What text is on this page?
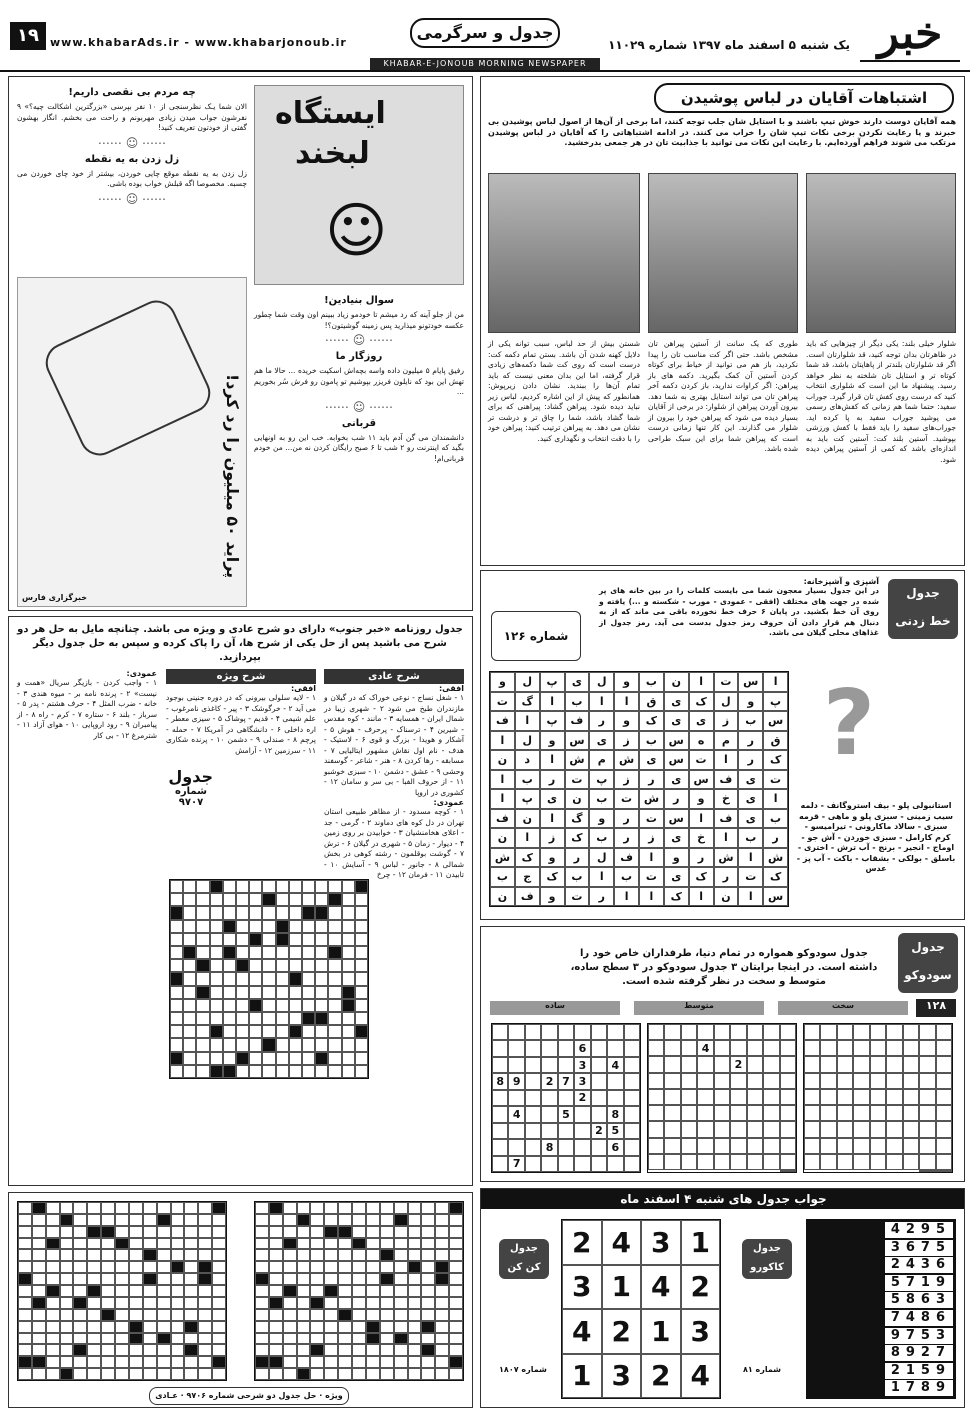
خبر
یک شنبه ۵ اسفند ماه ۱۳۹۷ شماره ۱۱۰۲۹
جدول و سرگرمی
www.khabarAds.ir - www.khabarjonoub.ir
۱۹
KHABAR-E-JONOUB MORNING NEWSPAPER
اشتباهات آقایان در لباس پوشیدن

همه آقایان دوست دارند خوش تیپ باشند و با استایل شان جلب توجه کنند، اما برخی از آن‌ها از اصول لباس پوشیدن بی خبرند و یا رعایت نکردن برخی نکات تیپ شان را خراب می کنند. در ادامه اشتباهاتی را که آقایان در لباس پوشیدن مرتکب می شوند فراهم آورده‌ایم. با رعایت این نکات می توانید با جذابیت تان در هر جمعی بدرخشید.

شلوار خیلی بلند: یکی دیگر از چیزهایی که باید در ظاهرتان بدان توجه کنید، قد شلوارتان است. اگر قد شلوارتان بلندتر از پاهایتان باشد، قد شما کوتاه تر و استایل تان شلخته به نظر خواهد رسید. پیشنهاد ما این است که شلواری انتخاب کنید که درست روی کفش تان قرار گیرد. جوراب سفید: حتما شما هم زمانی که کفش‌های رسمی می پوشید جوراب سفید به پا کرده اید. جوراب‌های سفید را باید فقط با کفش ورزشی بپوشید. آستین بلند کت: آستین کت باید به اندازه‌ای باشد که کمی از آستین پیراهن دیده شود.

طوری که یک سانت از آستین پیراهن تان مشخص باشد. حتی اگر کت مناسب تان را پیدا نکردید، باز هم می توانید از خیاط برای کوتاه کردن آستین آن کمک بگیرید. دکمه های باز پیراهن: اگر کراوات ندارید، باز کردن دکمه آخر پیراهن تان می تواند استایل بهتری به شما دهد. بیرون آوردن پیراهن از شلوار: در برخی از آقایان بسیار دیده می شود که پیراهن خود را بیرون از شلوار می گذارند. این کار تنها زمانی درست است که پیراهن شما برای این سبک طراحی شده باشد.

شستن بیش از حد لباس، سبب توانه یکی از دلایل کهنه شدن آن باشد. بستن تمام دکمه کت: درست است که روی کت شما دکمه‌های زیادی قرار گرفته، اما این بدان معنی نیست که باید تمام آن‌ها را ببندید. نشان دادن زیرپوش: همانطور که پیش از این اشاره کردیم، لباس زیر نباید دیده شود. پیراهن گشاد: پیراهنی که برای شما گشاد باشد، شما را چاق تر و درشت تر نشان می دهد. به پیراهن ترتیب کنید: پیراهن خود را با دقت انتخاب و نگهداری کنید.

چه مردم بی نقصی داریم!

الان شما یـک نظرسنجی از ۱۰ نفر بپرسی «بزرگترین اشکالت چیه؟» ۹ نفرشون جواب میدن زیادی مهربونم و راحت می بخشم. انگار بهشون گفتی از خودتون تعریف کنید!

⋯⋯ ☺ ⋯⋯
زل زدن به یه نقطه

زل زدن به یه نقطه موقع چایی خوردن، بیشتر از خود چای خوردن می چسبه. مخصوصا اگه قبلش خواب بوده باشی.

⋯⋯ ☺ ⋯⋯
ایستگاه
لبخند
☺
سوال بنیادین!

من از جلو آینه که رد میشم تا خودمو زیاد ببینم اون وقت شما چطور عکسه خودتونو میذارید پس زمینه گوشیتون؟!

⋯⋯ ☺ ⋯⋯
روزگار ما

رفیق پایام ۵ میلیون داده واسه بچه‌اش اسکیت خریده ... حالا ما هم تهش این بود که نایلون فریزر بپوشیم تو پامون رو فرش سُر بخوریم ...

⋯⋯ ☺ ⋯⋯
قربانی

دانشمندان می گن آدم باید ۱۱ شب بخوابه. خب این رو به اونهایی بگید که اینترنت رو ۲ شب تا ۶ صبح رایگان کردن نه من... من خودم قربانی‌ام!

پراید ۵۰ میلیون را رد کرد!
خبرگزاری فارس	جدول
خط زدنی
شماره ۱۲۶
آشپزی و آشپزخانه:

در این جدول بسیار معجون شما می بایست کلمات را در بین خانه های پر شده در جهت های مختلف (افقی - عمودی - مورب - شکسته و ...) یافته و روی آن خط بکشید. در پایان ۶ حرف خط نخورده باقی می ماند که از به دنبال هم قرار دادن آن حروف رمز جدول بدست می آید. رمز جدول از غذاهای محلی گیلان می باشد.

ا
س
ت
ا
ن
ب
و
ل
ی
پ
ل
و
پ
و
ل
ک
ی
ق
ا
ا
ب
ا
گ
ت
س
ب
ز
ی
ی
ک
و
ر
ف
پ
ا
ف
ق
ر
م
ه
س
ب
ز
ی
س
و
ل
ا
ک
ر
ا
ت
س
ی
ش
م
ش
ا
د
ن
ت
ی
ف
س
ی
ر
ز
پ
ت
ر
ب
ا
ا
ی
خ
و
ر
ش
ت
ب
ن
ی
پ
ا
ب
ی
ف
ا
س
ت
ر
و
گ
ا
ن
ف
ر
ب
ا
خ
ی
ز
ر
ب
ک
ز
ا
ن
ش
ا
ش
ر
و
ا
ف
ل
ر
و
ک
ش
ک
ت
ر
ک
ی
ت
ب
ا
ب
ک
ج
ب
س
ا
ن
ا
ک
ا
ا
ر
ت
و
ف
ن
?

استانبولی پلو - بیف استروگانف - دلمه سیب زمینی - سبزی پلو و ماهی - قرمه سبزی - سالاد ماکارونی - تیرامیسو - کرم کارامل - سبزی خوردن - آش جو - اوماج - انجیر - برنج - آب ترش - اختری - باسلق - بولکی - بشقاب - باکت - آب پز - عدس

جدول روزنامه «خبر جنوب» دارای دو شرح عادی و ویژه می باشد. چنانچه مایل به حل هر دو شرح می باشید پس از حل یکی از شرح ها، آن را پاک کرده و سپس به حل جدول دیگر بپردازید.

شرح عادی
افقی:

۱ - شغل نساج - نوعی خوراک که در گیلان و مازندران طبخ می شود ۲ - شهری زیبا در شمال ایران - همسایه ۳ - مانند - کوه مقدس - شیرین ۴ - ترسناک - پرحرف - هوش ۵ - آشکار و هویدا - بزرگ و قوی ۶ - لاستیک - هدف - نام اول نقاش مشهور ایتالیایی ۷ - مسابقه - رها کردن ۸ - هنر - شاعر - گوسفند وحشی ۹ - عشق - دشمن ۱۰ - سبزی خوشبو ۱۱ - از حروف الفبا - بی سر و سامان ۱۲ - کشوری در اروپا

عمودی:

۱ - کوچه مسدود - از مظاهر طبیعی استان تهران در دل کوه های دماوند ۲ - گرمی - جد - اعلای هخامنشیان ۳ - خوابیدن بر روی زمین ۴ - دیوار - زمان ۵ - شهری در گیلان ۶ - ترش ۷ - گوشت بوقلمون - رشته کوهی در بخش شمالی ۸ - جانور - لباس ۹ - آسایش ۱۰ - تابیدن ۱۱ - فرمان ۱۲ - چرخ

شرح ویژه
افقی:

۱ - لایه سلولی بیرونی که در دوره جنینی بوجود می آید ۲ - خرگوشک ۳ - پیر - کاغذی نامرغوب - علم شیمی ۴ - قدیم - پوشاک ۵ - سیزی معطر - اره داخلی ۶ - دانشگاهی در آمریکا ۷ - حمله - پرچم ۸ - صندلی ۹ - دشمن ۱۰ - پرنده شکاری ۱۱ - سرزمین ۱۲ - آرامش

عمودی:

۱ - واجب کردن - بازیگر سریال «همت و نیست» ۲ - پرنده نامه بر - میوه هندی ۳ - خانه - ضرب المثل ۴ - حرف هشتم - پدر ۵ - سرباز - بلند ۶ - ستاره ۷ - کرم - راه ۸ - از پیامبران ۹ - رود اروپایی ۱۰ - هوای آزاد ۱۱ - شترمرغ ۱۲ - بی کار

جدول
شماره ۹۷۰۷
جدول
سودوکو
۱۲۸

جدول سودوکو همواره در تمام دنیا، طرفداران خاص خود را داشته است. در اینجا برایتان ۳ جدول سودوکو در ۳ سطح ساده، متوسط و سخت در نظر گرفته شده است.

سخت
متوسط
ساده
6
4
3
3
7
2
9
8
2
8
5
4
5
2
6
8
7
4
2
جواب جدول های شنبه ۴ اسفند ماه
1
3
4
2
2
4
1
3
3
1
2
4
4
2
3
1
جدول
کن کن
شماره ۱۸۰۷
4295
3675
2436
5719
5863
7486
9753
8927
2159
1789
جدول
کاکورو
شماره ۸۱
ویژه · حل جدول دو شرحی شماره ۹۷۰۶ · عـادی
